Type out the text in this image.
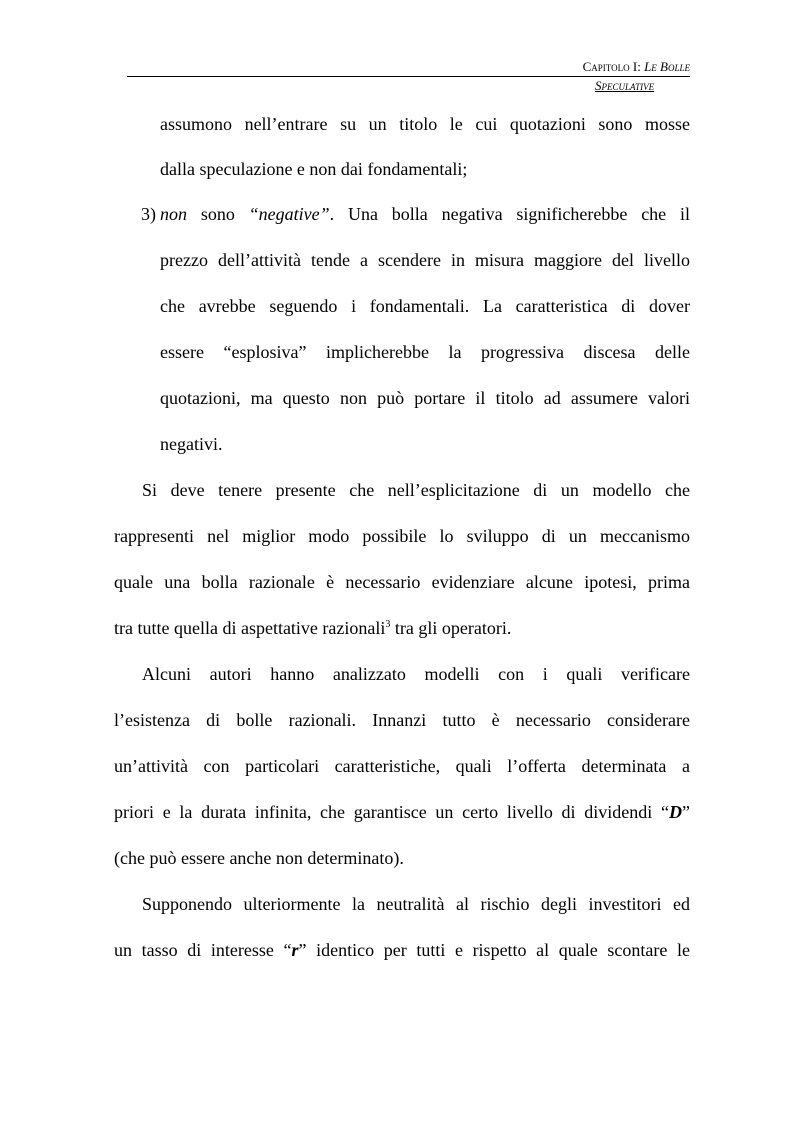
Capitolo I: Le Bolle
Speculative
assumono nell’entrare su un titolo le cui quotazioni sono mosse
dalla speculazione e non dai fondamentali;
3) non sono “negative”. Una bolla negativa significherebbe che il
prezzo dell’attività tende a scendere in misura maggiore del livello
che avrebbe seguendo i fondamentali. La caratteristica di dover
essere “esplosiva” implicherebbe la progressiva discesa delle
quotazioni, ma questo non può portare il titolo ad assumere valori
negativi.
Si deve tenere presente che nell’esplicitazione di un modello che
rappresenti nel miglior modo possibile lo sviluppo di un meccanismo
quale una bolla razionale è necessario evidenziare alcune ipotesi, prima
tra tutte quella di aspettative razionali$^3$ tra gli operatori.
Alcuni autori hanno analizzato modelli con i quali verificare
l’esistenza di bolle razionali. Innanzi tutto è necessario considerare
un’attività con particolari caratteristiche, quali l’offerta determinata a
priori e la durata infinita, che garantisce un certo livello di dividendi “D”
(che può essere anche non determinato).
Supponendo ulteriormente la neutralità al rischio degli investitori ed
un tasso di interesse “r” identico per tutti e rispetto al quale scontare le
